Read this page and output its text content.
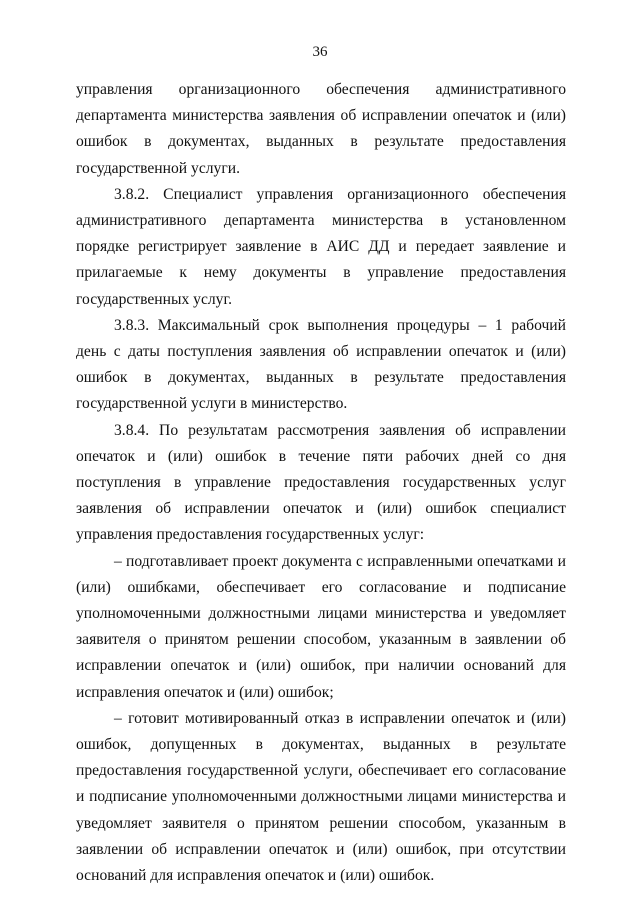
36

управления организационного обеспечения административного департамента министерства заявления об исправлении опечаток и (или) ошибок в документах, выданных в результате предоставления государственной услуги.

3.8.2. Специалист управления организационного обеспечения административного департамента министерства в установленном порядке регистрирует заявление в АИС ДД и передает заявление и прилагаемые к нему документы в управление предоставления государственных услуг.

3.8.3. Максимальный срок выполнения процедуры – 1 рабочий день с даты поступления заявления об исправлении опечаток и (или) ошибок в документах, выданных в результате предоставления государственной услуги в министерство.

3.8.4. По результатам рассмотрения заявления об исправлении опечаток и (или) ошибок в течение пяти рабочих дней со дня поступления в управление предоставления государственных услуг заявления об исправлении опечаток и (или) ошибок специалист управления предоставления государственных услуг:

– подготавливает проект документа с исправленными опечатками и (или) ошибками, обеспечивает его согласование и подписание уполномоченными должностными лицами министерства и уведомляет заявителя о принятом решении способом, указанным в заявлении об исправлении опечаток и (или) ошибок, при наличии оснований для исправления опечаток и (или) ошибок;

– готовит мотивированный отказ в исправлении опечаток и (или) ошибок, допущенных в документах, выданных в результате предоставления государственной услуги, обеспечивает его согласование и подписание уполномоченными должностными лицами министерства и уведомляет заявителя о принятом решении способом, указанным в заявлении об исправлении опечаток и (или) ошибок, при отсутствии оснований для исправления опечаток и (или) ошибок.
